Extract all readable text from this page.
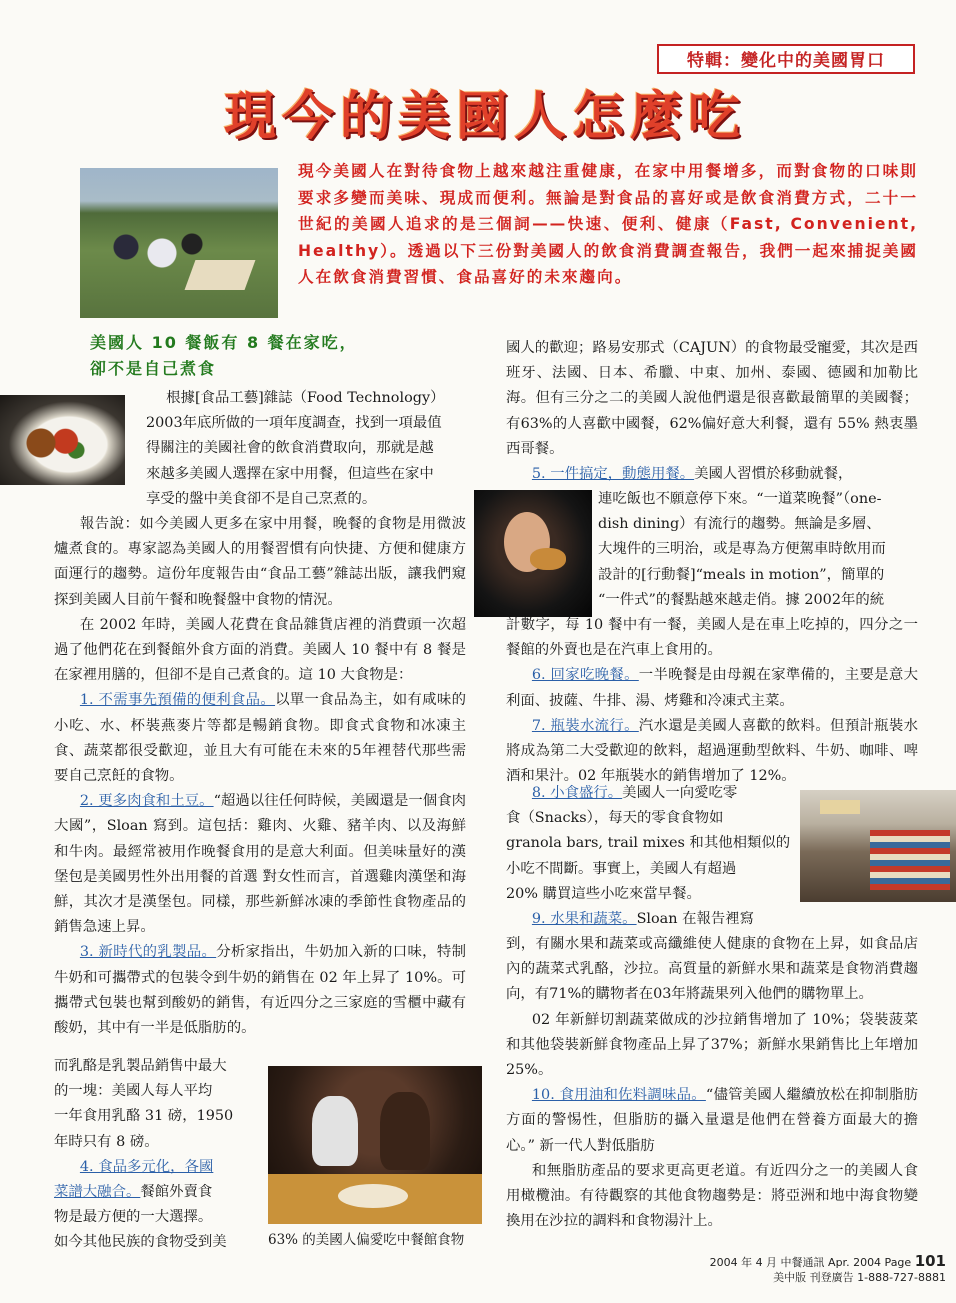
特輯：變化中的美國胃口
現今的美國人怎麼吃
現今美國人在對待食物上越來越注重健康，在家中用餐增多，而對食物的口味則要求多變而美味、現成而便利。無論是對食品的喜好或是飲食消費方式，二十一世紀的美國人追求的是三個詞——快速、便利、健康（Fast, Convenient, Healthy）。透過以下三份對美國人的飲食消費調查報告，我們一起來捕捉美國人在飲食消費習慣、食品喜好的未來趨向。
美國人 10 餐飯有 8 餐在家吃，
卻不是自己煮食

根據[食品工藝]雜誌（Food Technology）

2003年底所做的一項年度調查，找到一項最值

得關注的美國社會的飲食消費取向，那就是越

來越多美國人選擇在家中用餐，但這些在家中

享受的盤中美食卻不是自己烹煮的。

報告說：如今美國人更多在家中用餐，晚餐的食物是用微波爐煮食的。專家認為美國人的用餐習慣有向快捷、方便和健康方面運行的趨勢。這份年度報告由“食品工藝”雜誌出版，讓我們窺探到美國人目前午餐和晚餐盤中食物的情況。

在 2002 年時，美國人花費在食品雜貨店裡的消費頭一次超過了他們花在到餐館外食方面的消費。美國人 10 餐中有 8 餐是在家裡用膳的，但卻不是自己煮食的。這 10 大食物是：

1. 不需事先預備的便利食品。以單一食品為主，如有咸味的小吃、水、杯裝燕麥片等都是暢銷食物。即食式食物和冰凍主食、蔬菜都很受歡迎，並且大有可能在未來的5年裡替代那些需要自己烹飪的食物。

2. 更多肉食和土豆。“超過以往任何時候，美國還是一個食肉大國”，Sloan 寫到。這包括：雞肉、火雞、豬羊肉、以及海鮮和牛肉。最經常被用作晚餐食用的是意大利面。但美味量好的漢堡包是美國男性外出用餐的首選 對女性而言，首選雞肉漢堡和海鮮，其次才是漢堡包。同樣，那些新鮮冰凍的季節性食物產品的銷售急速上昇。

3. 新時代的乳製品。分析家指出，牛奶加入新的口味，特制牛奶和可攜帶式的包裝令到牛奶的銷售在 02 年上昇了 10%。可攜帶式包裝也幫到酸奶的銷售，有近四分之三家庭的雪櫃中藏有酸奶，其中有一半是低脂肪的。

而乳酪是乳製品銷售中最大

的一塊：美國人每人平均

一年食用乳酪 31 磅，1950

年時只有 8 磅。

4. 食品多元化，各國

菜譜大融合。餐館外賣食

物是最方便的一大選擇。

如今其他民族的食物受到美	63% 的美國人偏愛吃中餐館食物

國人的歡迎；路易安那式（CAJUN）的食物最受寵愛，其次是西班牙、法國、日本、希臘、中東、加州、泰國、德國和加勒比海。但有三分之二的美國人說他們還是很喜歡最簡單的美國餐；有63%的人喜歡中國餐，62%偏好意大利餐，還有 55% 熱衷墨西哥餐。

5. 一件搞定，動態用餐。美國人習慣於移動就餐，

連吃飯也不願意停下來。“一道菜晚餐”（one-

dish dining）有流行的趨勢。無論是多層、

大塊件的三明治，或是專為方便駕車時飲用而

設計的[行動餐]“meals in motion”，簡單的

“一件式”的餐點越來越走俏。據 2002年的統

計數字，每 10 餐中有一餐，美國人是在車上吃掉的，四分之一餐館的外賣也是在汽車上食用的。

6. 回家吃晚餐。一半晚餐是由母親在家準備的，主要是意大利面、披薩、牛排、湯、烤雞和冷凍式主菜。

7. 瓶裝水流行。汽水還是美國人喜歡的飲料。但預計瓶裝水將成為第二大受歡迎的飲料，超過運動型飲料、牛奶、咖啡、啤酒和果汁。02 年瓶裝水的銷售增加了 12%。

8. 小食盛行。美國人一向愛吃零

食（Snacks），每天的零食食物如

granola bars, trail mixes 和其他相類似的

小吃不間斷。事實上，美國人有超過

20% 購買這些小吃來當早餐。

9. 水果和蔬菜。Sloan 在報告裡寫

到，有關水果和蔬菜或高纖維使人健康的食物在上昇，如食品店內的蔬菜式乳酪，沙拉。高質量的新鮮水果和蔬菜是食物消費趨向，有71%的購物者在03年將蔬果列入他們的購物單上。

02 年新鮮切割蔬菜做成的沙拉銷售增加了 10%；袋裝菠菜和其他袋裝新鮮食物產品上昇了37%；新鮮水果銷售比上年增加 25%。

10. 食用油和佐料調味品。“儘管美國人繼續放松在抑制脂肪方面的警惕性，但脂肪的攝入量還是他們在營養方面最大的擔心。” 新一代人對低脂肪

和無脂肪產品的要求更高更老道。有近四分之一的美國人食用橄欖油。有待觀察的其他食物趨勢是：將亞洲和地中海食物變換用在沙拉的調料和食物湯汁上。

2004 年 4 月 中餐通訊 Apr. 2004 Page 101
美中版 刊登廣告 1-888-727-8881
